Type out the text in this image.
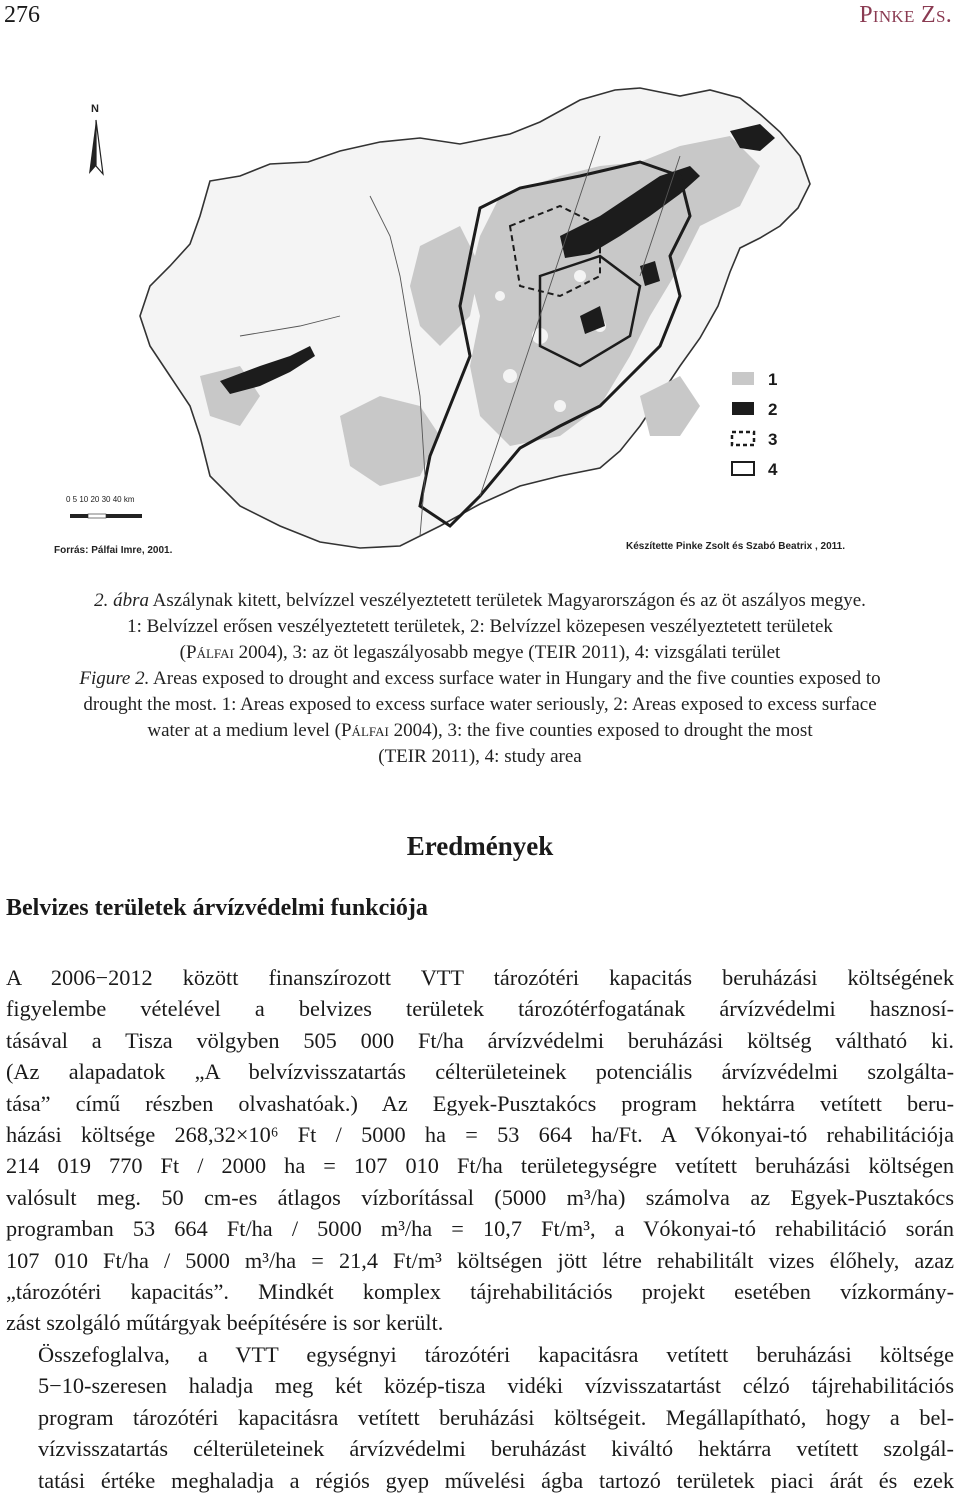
276	Pinke Zs.
N
1
2
3
4
0 5 10 20 30 40 km
Forrás: Pálfai Imre, 2001.	Készítette Pinke Zsolt és Szabó Beatrix , 2011.
2. ábra Aszálynak kitett, belvízzel veszélyeztetett területek Magyarországon és az öt aszályos megye.
1: Belvízzel erősen veszélyeztetett területek, 2: Belvízzel közepesen veszélyeztetett területek
(Pálfai 2004), 3: az öt legaszályosabb megye (TEIR 2011), 4: vizsgálati terület
Figure 2. Areas exposed to drought and excess surface water in Hungary and the five counties exposed to
drought the most. 1: Areas exposed to excess surface water seriously, 2: Areas exposed to excess surface
water at a medium level (Pálfai 2004), 3: the five counties exposed to drought the most
(TEIR 2011), 4: study area
Eredmények
Belvizes területek árvízvédelmi funkciója

A 2006−2012 között finanszírozott VTT tározótéri kapacitás beruházási költségének
figyelembe vételével a belvizes területek tározótérfogatának árvízvédelmi hasznosí-
tásával a Tisza völgyben 505 000 Ft/ha árvízvédelmi beruházási költség váltható ki.
(Az alapadatok „A belvízvisszatartás célterületeinek potenciális árvízvédelmi szolgálta-
tása” című részben olvashatóak.) Az Egyek-Pusztakócs program hektárra vetített beru-
házási költsége 268,32×10⁶ Ft / 5000 ha = 53 664 ha/Ft. A Vókonyai-tó rehabilitációja
214 019 770 Ft / 2000 ha = 107 010 Ft/ha területegységre vetített beruházási költségen
valósult meg. 50 cm-es átlagos vízborítással (5000 m³/ha) számolva az Egyek-Pusztakócs
programban 53 664 Ft/ha / 5000 m³/ha = 10,7 Ft/m³, a Vókonyai-tó rehabilitáció során
107 010 Ft/ha / 5000 m³/ha = 21,4 Ft/m³ költségen jött létre rehabilitált vizes élőhely, azaz
„tározótéri kapacitás”. Mindkét komplex tájrehabilitációs projekt esetében vízkormány-
zást szolgáló műtárgyak beépítésére is sor került.

Összefoglalva, a VTT egységnyi tározótéri kapacitásra vetített beruházási költsége
5−10-szeresen haladja meg két közép-tisza vidéki vízvisszatartást célzó tájrehabilitációs
program tározótéri kapacitásra vetített beruházási költségeit. Megállapítható, hogy a bel-
vízvisszatartás célterületeinek árvízvédelmi beruházást kiváltó hektárra vetített szolgál-
tatási értéke meghaladja a régiós gyep művelési ágba tartozó területek piaci árát és ezek
